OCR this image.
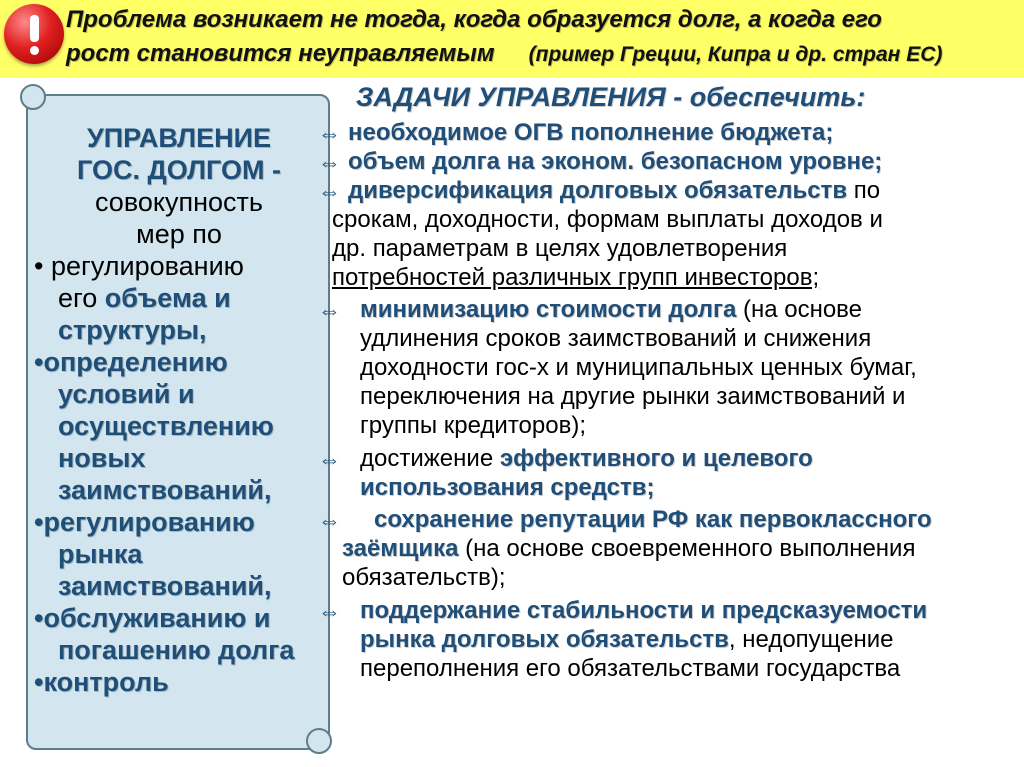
Проблема возникает не тогда, когда образуется долг, а когда его
рост становится неуправляемым (пример Греции, Кипра и др. стран ЕС)
УПРАВЛЕНИЕ
ГОС. ДОЛГОМ -
совокупность
мер по
• регулированию
его объема и
структуры,
•определению
условий и
осуществлению
новых
заимствований,
•регулированию
рынка
заимствований,
•обслуживанию и
погашению долга
•контроль
ЗАДАЧИ УПРАВЛЕНИЯ - обеспечить:
⇔ необходимое ОГВ пополнение бюджета;
⇔ объем долга на эконом. безопасном уровне;
⇔ диверсификация долговых обязательств по
срокам, доходности, формам выплаты доходов и
др. параметрам в целях удовлетворения
потребностей различных групп инвесторов;
⇔ минимизацию стоимости долга (на основе
удлинения сроков заимствований и снижения
доходности гос-х и муниципальных ценных бумаг,
переключения на другие рынки заимствований и
группы кредиторов);
⇔ достижение эффективного и целевого
использования средств;
⇔	сохранение репутации РФ как первоклассного
заёмщика (на основе своевременного выполнения
обязательств);
⇔ поддержание стабильности и предсказуемости
рынка долговых обязательств, недопущение
переполнения его обязательствами государства
